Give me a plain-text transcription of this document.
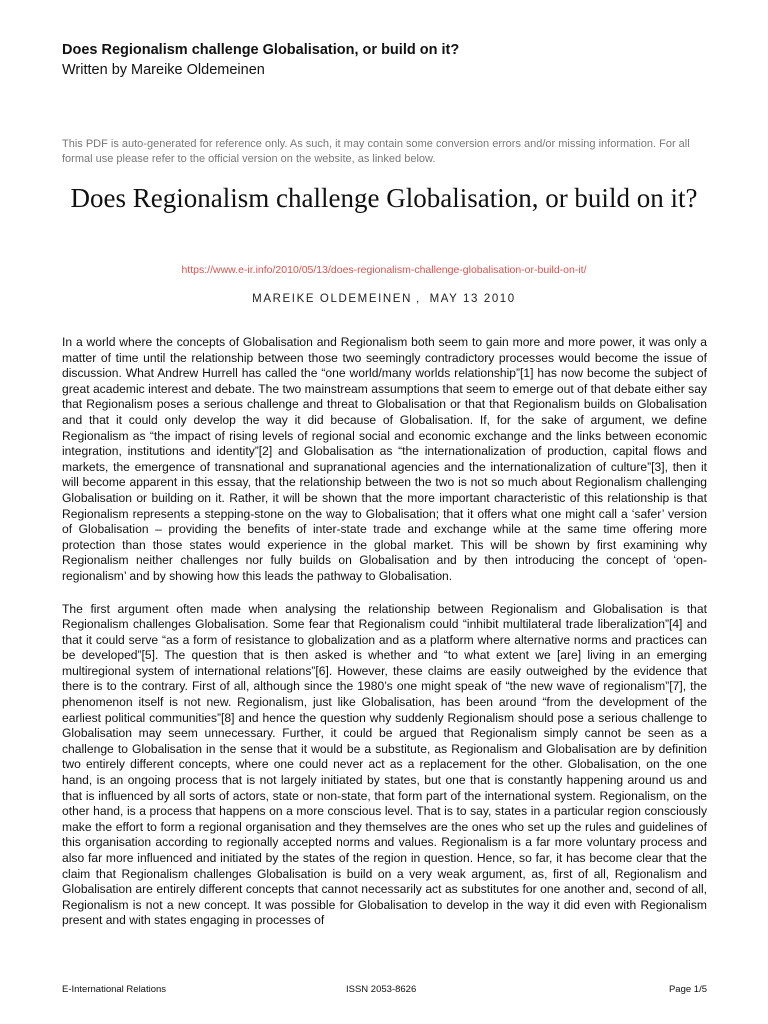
Does Regionalism challenge Globalisation, or build on it?
Written by Mareike Oldemeinen
This PDF is auto-generated for reference only. As such, it may contain some conversion errors and/or missing information. For all formal use please refer to the official version on the website, as linked below.
Does Regionalism challenge Globalisation, or build on it?
https://www.e-ir.info/2010/05/13/does-regionalism-challenge-globalisation-or-build-on-it/
MAREIKE OLDEMEINEN , MAY 13 2010

In a world where the concepts of Globalisation and Regionalism both seem to gain more and more power, it was only a matter of time until the relationship between those two seemingly contradictory processes would become the issue of discussion. What Andrew Hurrell has called the “one world/many worlds relationship”[1] has now become the subject of great academic interest and debate. The two mainstream assumptions that seem to emerge out of that debate either say that Regionalism poses a serious challenge and threat to Globalisation or that that Regionalism builds on Globalisation and that it could only develop the way it did because of Globalisation. If, for the sake of argument, we define Regionalism as “the impact of rising levels of regional social and economic exchange and the links between economic integration, institutions and identity”[2] and Globalisation as “the internationalization of production, capital flows and markets, the emergence of transnational and supranational agencies and the internationalization of culture”[3], then it will become apparent in this essay, that the relationship between the two is not so much about Regionalism challenging Globalisation or building on it. Rather, it will be shown that the more important characteristic of this relationship is that Regionalism represents a stepping-stone on the way to Globalisation; that it offers what one might call a ‘safer’ version of Globalisation – providing the benefits of inter-state trade and exchange while at the same time offering more protection than those states would experience in the global market. This will be shown by first examining why Regionalism neither challenges nor fully builds on Globalisation and by then introducing the concept of ‘open-regionalism’ and by showing how this leads the pathway to Globalisation.

The first argument often made when analysing the relationship between Regionalism and Globalisation is that Regionalism challenges Globalisation. Some fear that Regionalism could “inhibit multilateral trade liberalization”[4] and that it could serve “as a form of resistance to globalization and as a platform where alternative norms and practices can be developed”[5]. The question that is then asked is whether and “to what extent we [are] living in an emerging multiregional system of international relations”[6]. However, these claims are easily outweighed by the evidence that there is to the contrary. First of all, although since the 1980’s one might speak of “the new wave of regionalism”[7], the phenomenon itself is not new. Regionalism, just like Globalisation, has been around “from the development of the earliest political communities”[8] and hence the question why suddenly Regionalism should pose a serious challenge to Globalisation may seem unnecessary. Further, it could be argued that Regionalism simply cannot be seen as a challenge to Globalisation in the sense that it would be a substitute, as Regionalism and Globalisation are by definition two entirely different concepts, where one could never act as a replacement for the other. Globalisation, on the one hand, is an ongoing process that is not largely initiated by states, but one that is constantly happening around us and that is influenced by all sorts of actors, state or non-state, that form part of the international system. Regionalism, on the other hand, is a process that happens on a more conscious level. That is to say, states in a particular region consciously make the effort to form a regional organisation and they themselves are the ones who set up the rules and guidelines of this organisation according to regionally accepted norms and values. Regionalism is a far more voluntary process and also far more influenced and initiated by the states of the region in question. Hence, so far, it has become clear that the claim that Regionalism challenges Globalisation is build on a very weak argument, as, first of all, Regionalism and Globalisation are entirely different concepts that cannot necessarily act as substitutes for one another and, second of all, Regionalism is not a new concept. It was possible for Globalisation to develop in the way it did even with Regionalism present and with states engaging in processes of

E-International Relations	ISSN 2053-8626	Page 1/5
